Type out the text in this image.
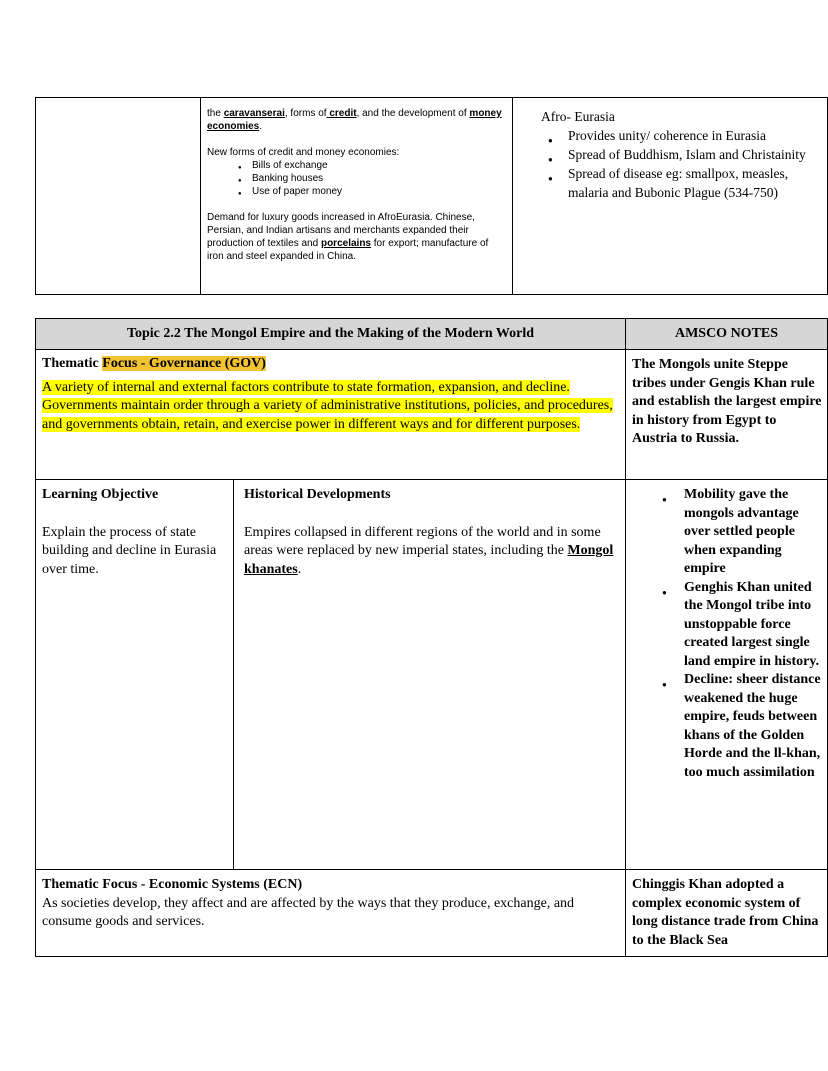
the caravanserai, forms of credit, and the development of money economies.

New forms of credit and money economies:

● Bills of exchange
● Banking houses
● Use of paper money

Demand for luxury goods increased in AfroEurasia. Chinese, Persian, and Indian artisans and merchants expanded their production of textiles and porcelains for export; manufacture of iron and steel expanded in China.

Afro- Eurasia
● Provides unity/ coherence in Eurasia
● Spread of Buddhism, Islam and Christainity
● Spread of disease eg: smallpox, measles, malaria and Bubonic Plague (534-750)
Topic 2.2 The Mongol Empire and the Making of the Modern World	AMSCO NOTES
Thematic Focus - Governance (GOV)
A variety of internal and external factors contribute to state formation, expansion, and decline. Governments maintain order through a variety of administrative institutions, policies, and procedures, and governments obtain, retain, and exercise power in different ways and for different purposes.
The Mongols unite Steppe tribes under Gengis Khan rule and establish the largest empire in history from Egypt to Austria to Russia.
Learning Objective

Explain the process of state building and decline in Eurasia over time.

Historical Developments

Empires collapsed in different regions of the world and in some areas were replaced by new imperial states, including the Mongol khanates.

● Mobility gave the mongols advantage over settled people when expanding empire
● Genghis Khan united the Mongol tribe into unstoppable force created largest single land empire in history.
● Decline: sheer distance weakened the huge empire, feuds between khans of the Golden Horde and the ll-khan, too much assimilation
Thematic Focus - Economic Systems (ECN)
As societies develop, they affect and are affected by the ways that they produce, exchange, and consume goods and services.
Chinggis Khan adopted a complex economic system of long distance trade from China to the Black Sea
